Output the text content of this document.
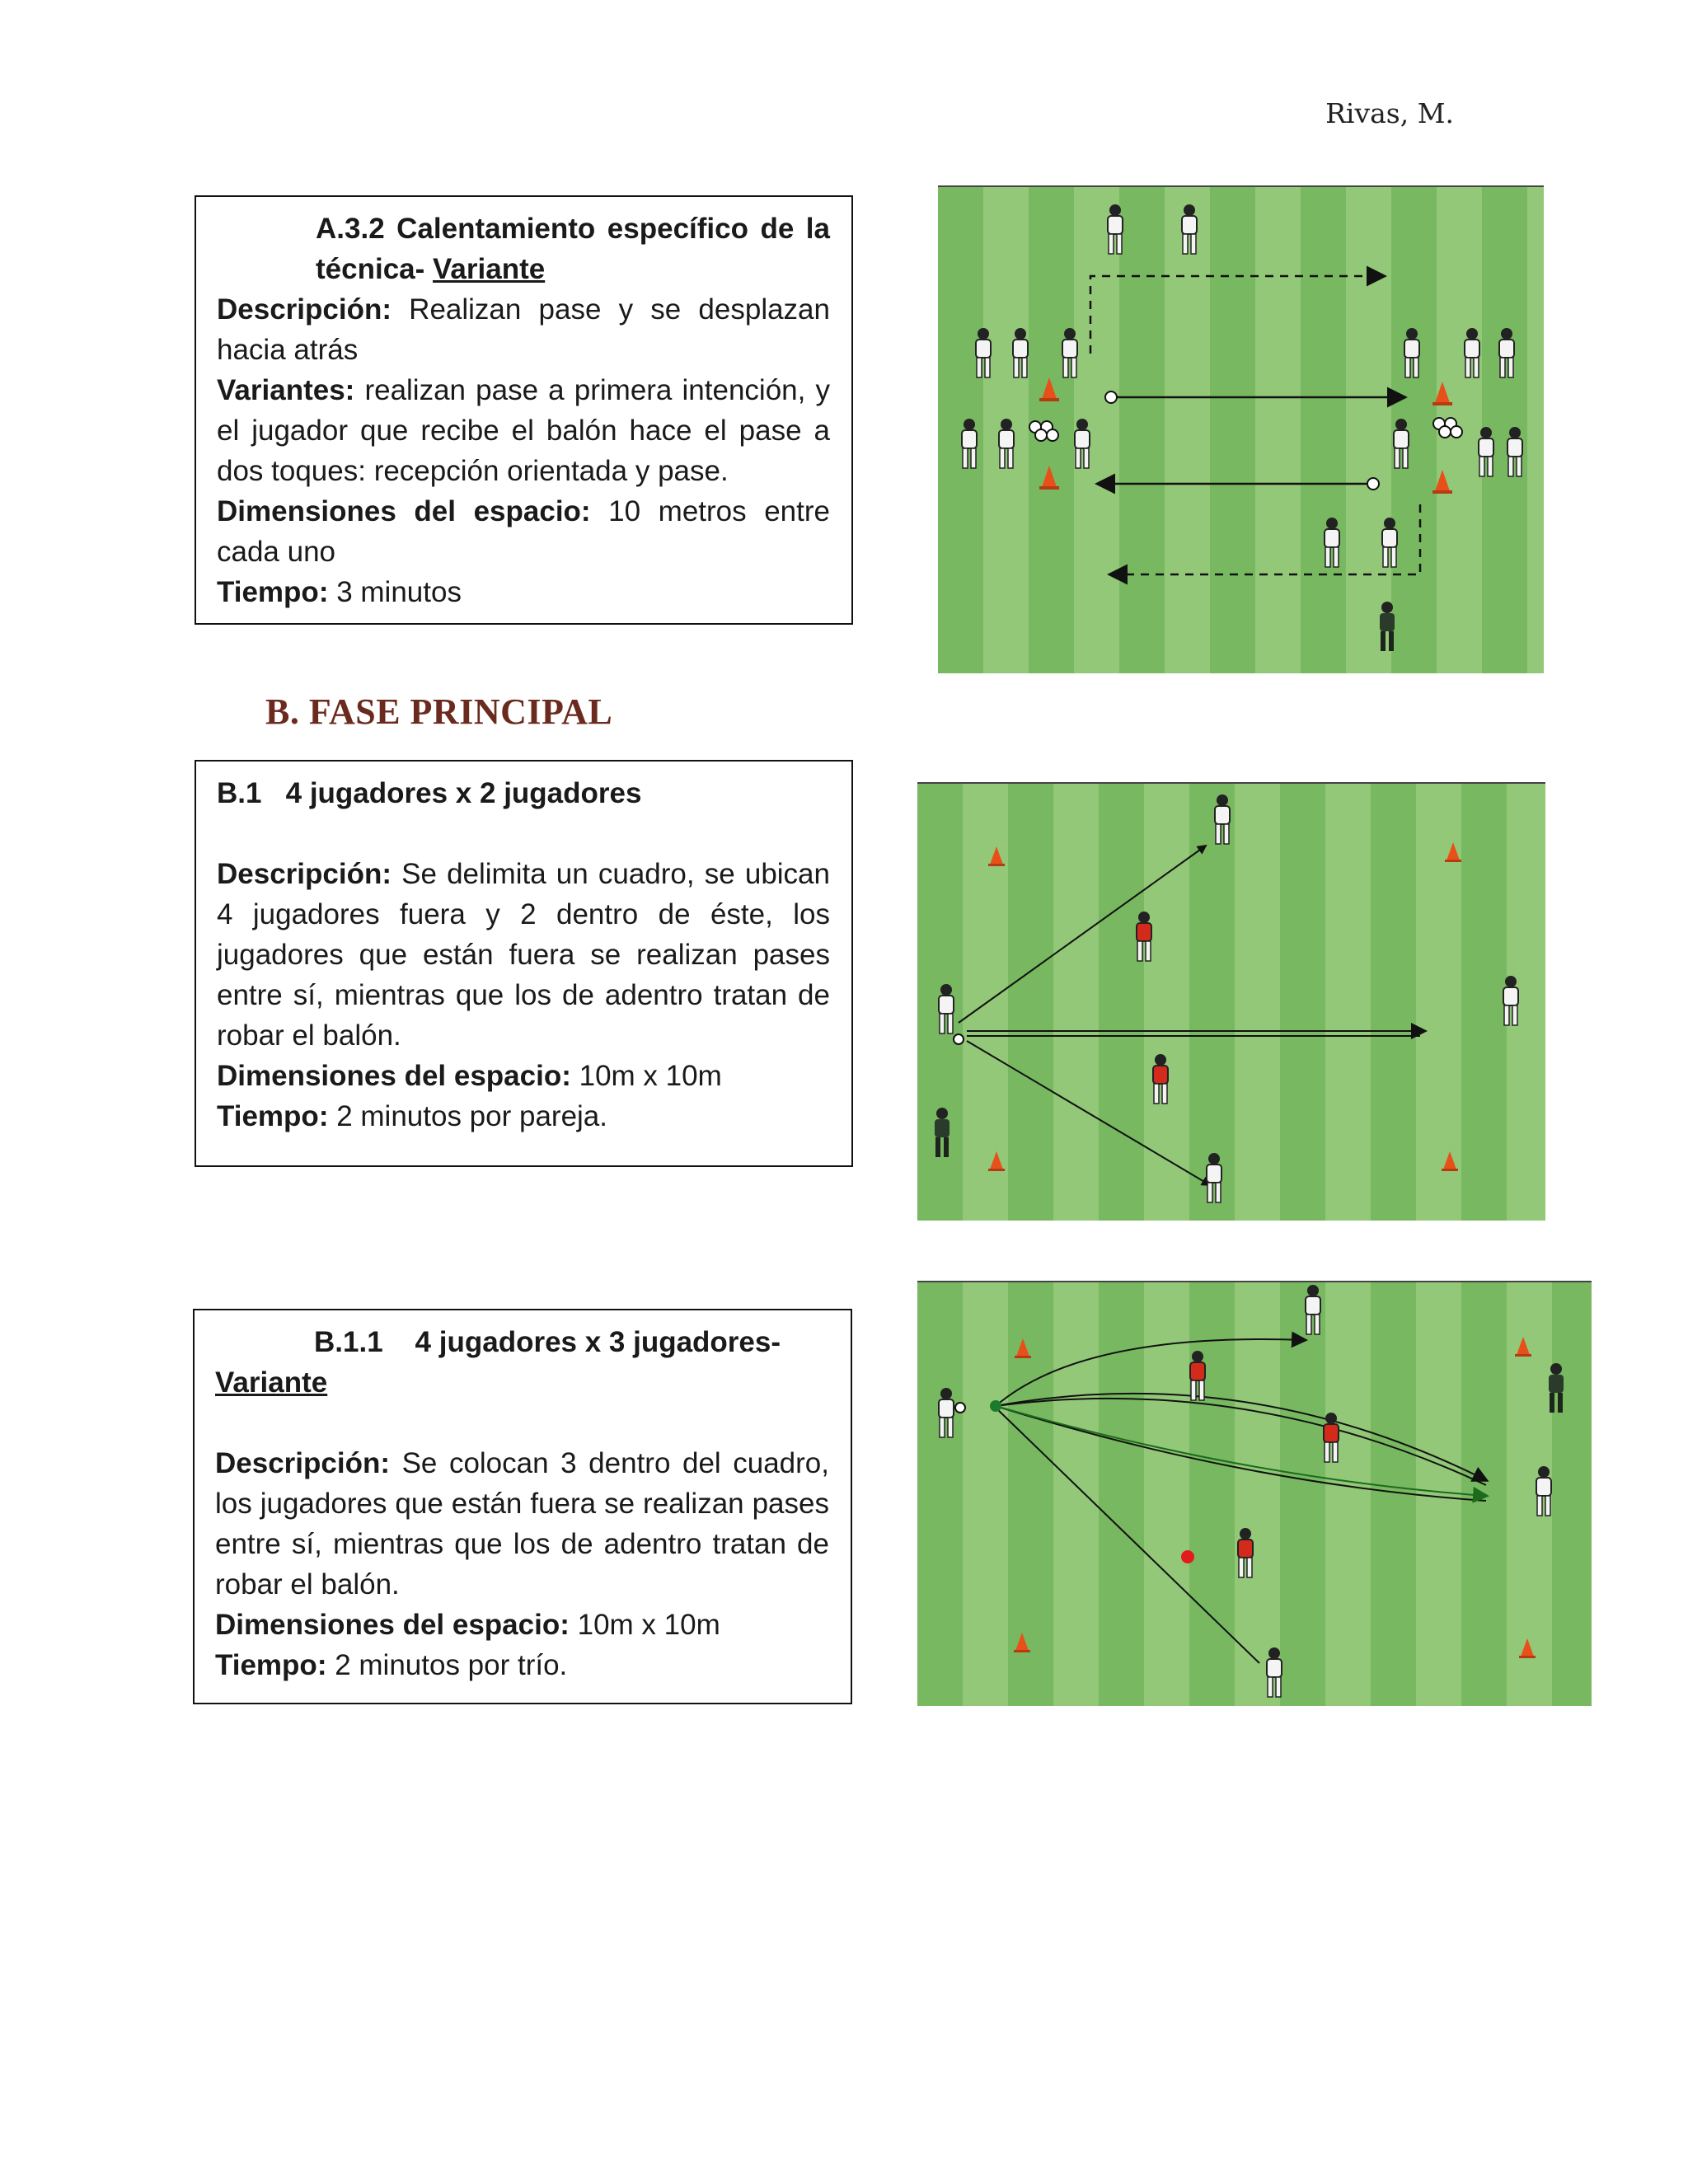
Rivas, M.

A.3.2 Calentamiento específico de la técnica- Variante

Descripción: Realizan pase y se desplazan hacia atrás

Variantes: realizan pase a primera intención, y el jugador que recibe el balón hace el pase a dos toques: recepción orientada y pase.

Dimensiones del espacio: 10 metros entre cada uno

Tiempo: 3 minutos

B. FASE PRINCIPAL

B.1   4 jugadores x 2 jugadores

Descripción: Se delimita un cuadro, se ubican 4 jugadores fuera y 2 dentro de éste, los jugadores que están fuera se realizan pases entre sí, mientras que los de adentro tratan de robar el balón.

Dimensiones del espacio: 10m x 10m

Tiempo: 2 minutos por pareja.

B.1.1    4 jugadores x 3 jugadores-

Variante

Descripción: Se colocan 3 dentro del cuadro, los jugadores que están fuera se realizan pases entre sí, mientras que los de adentro tratan de robar el balón.

Dimensiones del espacio: 10m x 10m

Tiempo: 2 minutos por trío.
